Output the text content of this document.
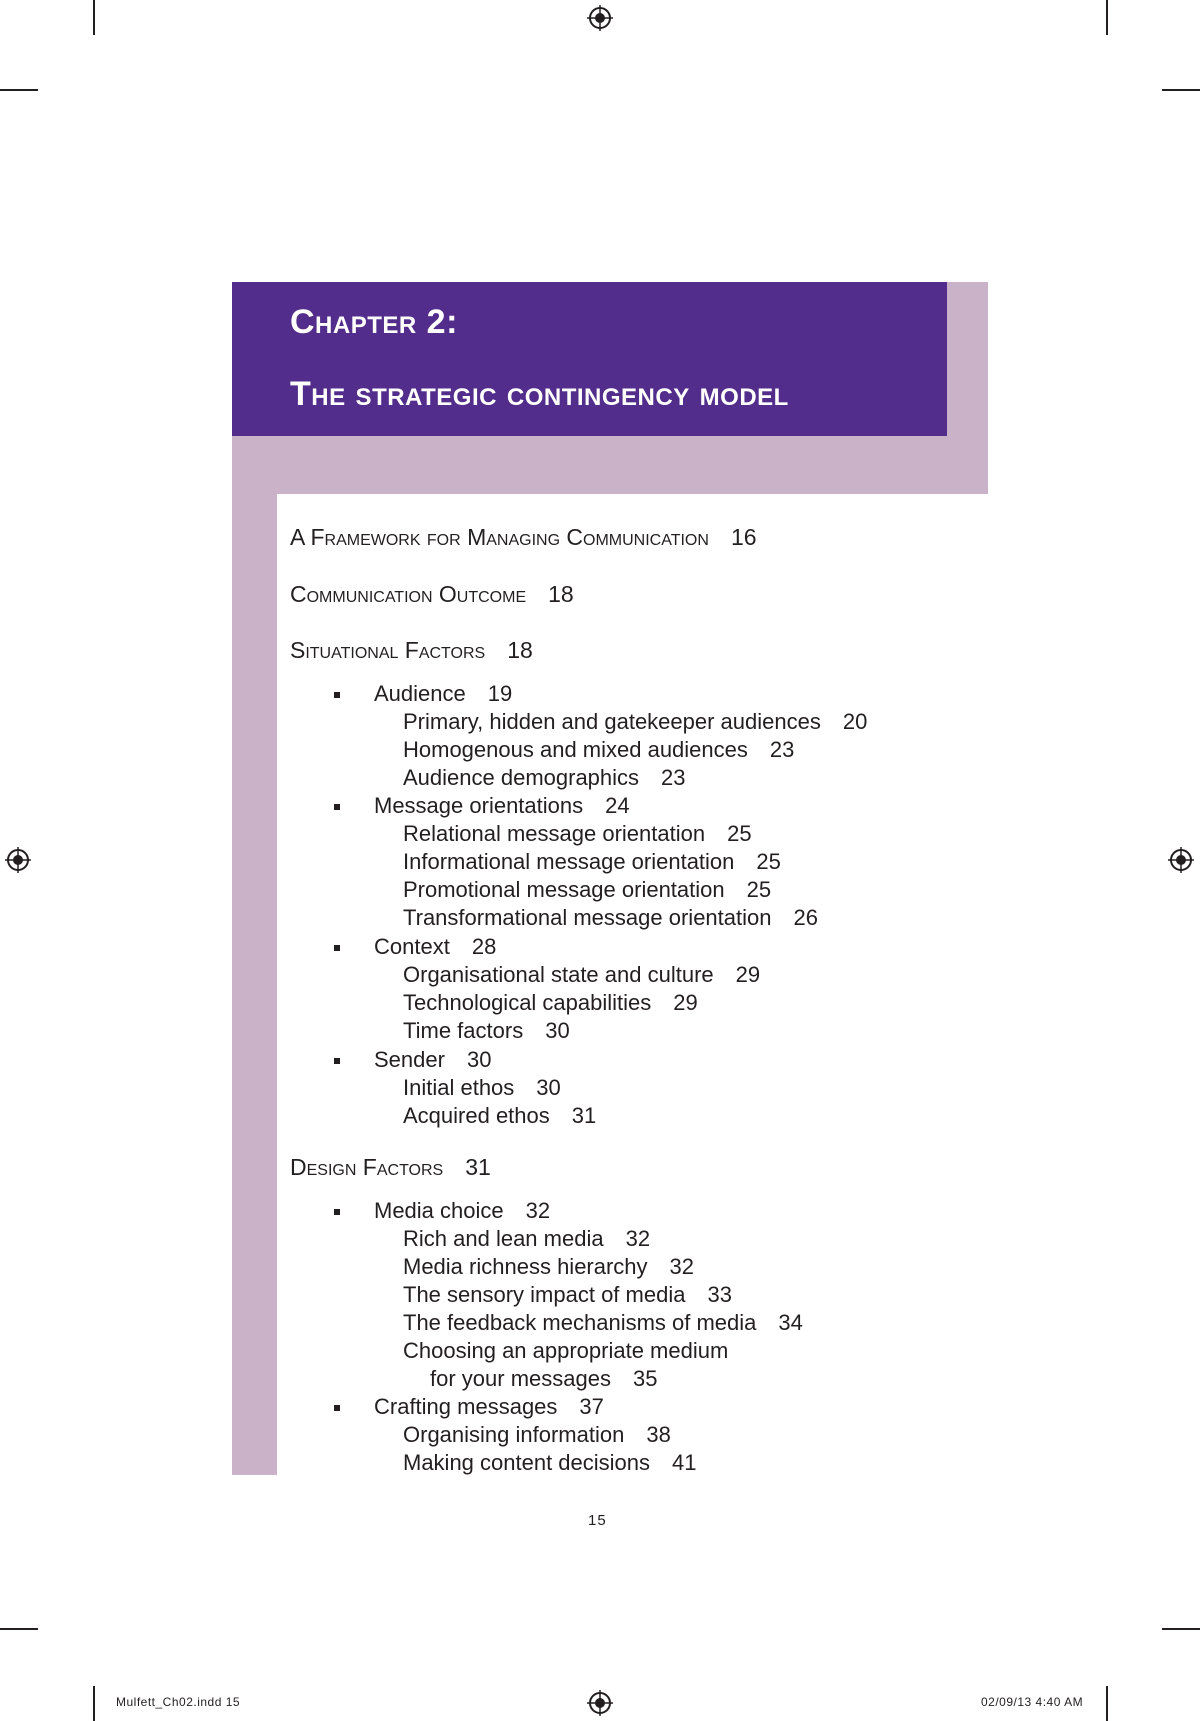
Chapter 2:
The strategic contingency model
A Framework for Managing Communication 16
Communication Outcome 18
Situational Factors 18
Audience 19
Primary, hidden and gatekeeper audiences 20
Homogenous and mixed audiences 23
Audience demographics 23
Message orientations 24
Relational message orientation 25
Informational message orientation 25
Promotional message orientation 25
Transformational message orientation 26
Context 28
Organisational state and culture 29
Technological capabilities 29
Time factors 30
Sender 30
Initial ethos 30
Acquired ethos 31
Design Factors 31
Media choice 32
Rich and lean media 32
Media richness hierarchy 32
The sensory impact of media 33
The feedback mechanisms of media 34
Choosing an appropriate medium
for your messages 35
Crafting messages 37
Organising information 38
Making content decisions 41
15
Mulfett_Ch02.indd 15	02/09/13 4:40 AM
